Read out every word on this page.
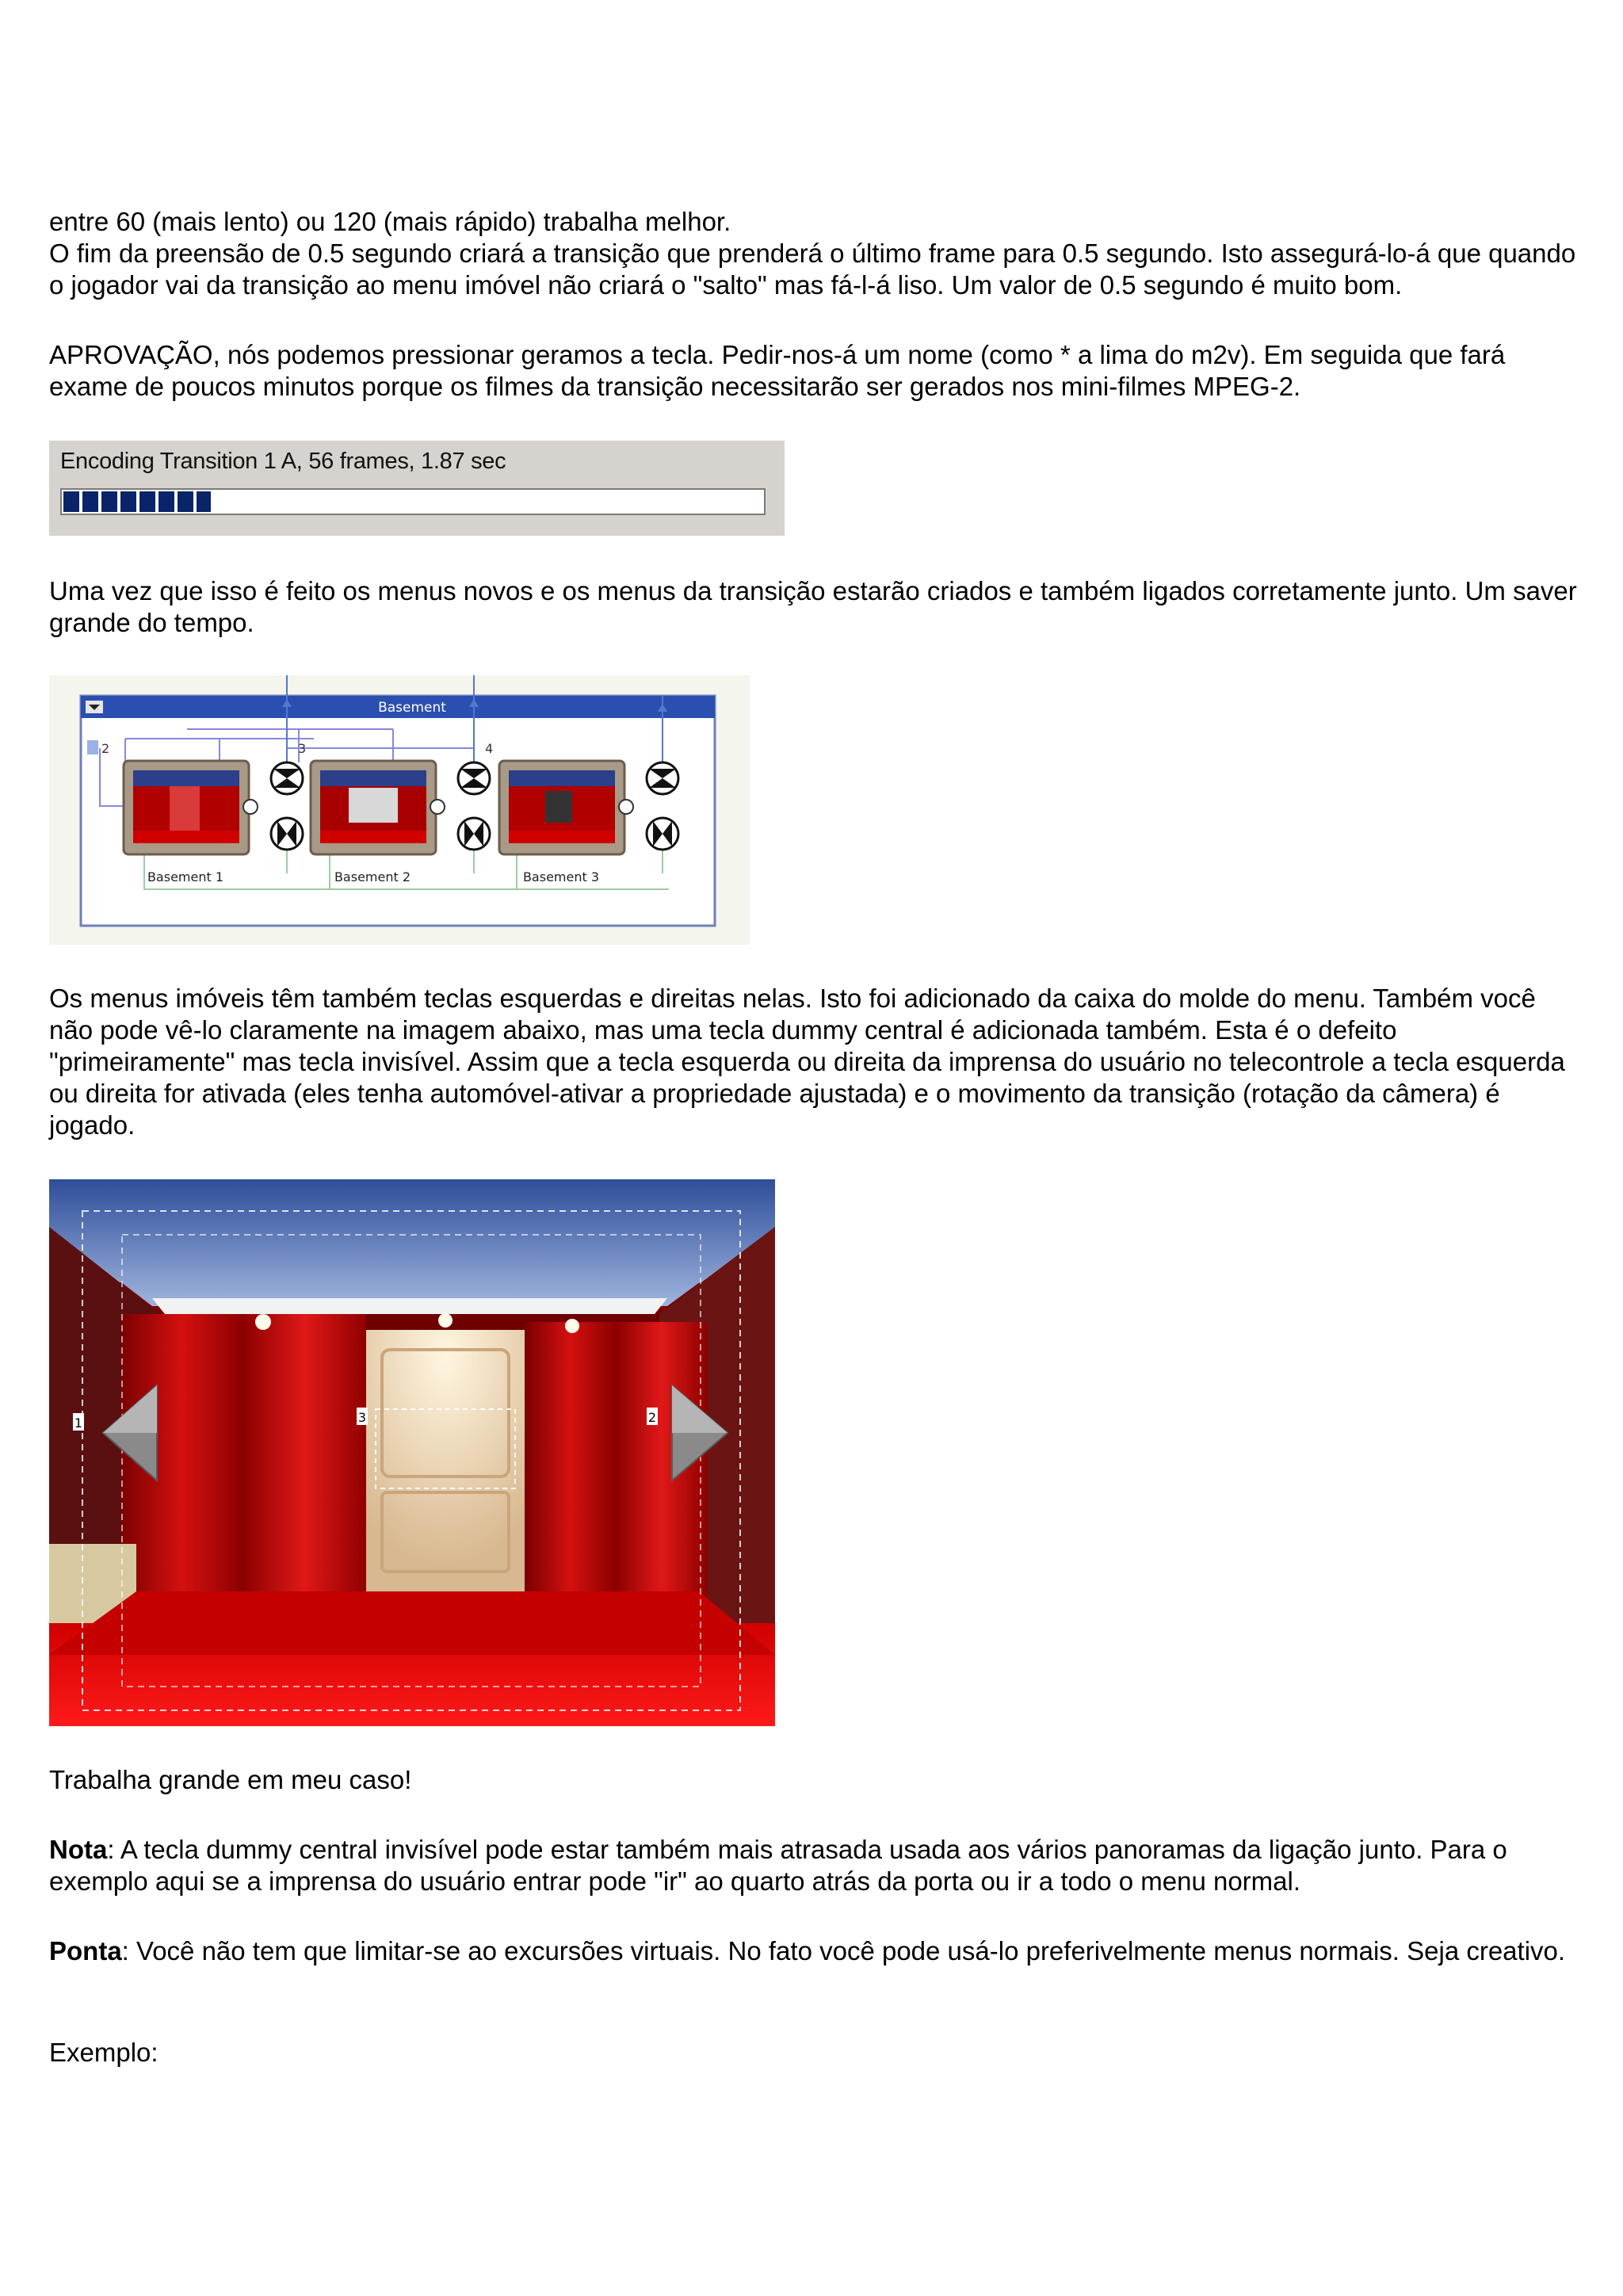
entre 60 (mais lento) ou 120 (mais rápido) trabalha melhor.
O fim da preensão de 0.5 segundo criará a transição que prenderá o último frame para 0.5 segundo. Isto assegurá-lo-á que quando o jogador vai da transição ao menu imóvel não criará o "salto" mas fá-l-á liso. Um valor de 0.5 segundo é muito bom.

APROVAÇÃO, nós podemos pressionar geramos a tecla. Pedir-nos-á um nome (como * a lima do m2v). Em seguida que fará exame de poucos minutos porque os filmes da transição necessitarão ser gerados nos mini-filmes MPEG-2.

Encoding Transition 1 A, 56 frames, 1.87 sec

Uma vez que isso é feito os menus novos e os menus da transição estarão criados e também ligados corretamente junto. Um saver grande do tempo.

Basement
2	3	4
Basement 1	Basement 2	Basement 3

Os menus imóveis têm também teclas esquerdas e direitas nelas. Isto foi adicionado da caixa do molde do menu. Também você não pode vê-lo claramente na imagem abaixo, mas uma tecla dummy central é adicionada também. Esta é o defeito "primeiramente" mas tecla invisível. Assim que a tecla esquerda ou direita da imprensa do usuário no telecontrole a tecla esquerda ou direita for ativada (eles tenha automóvel-ativar a propriedade ajustada) e o movimento da transição (rotação da câmera) é jogado.

1	3	2

Trabalha grande em meu caso!

Nota: A tecla dummy central invisível pode estar também mais atrasada usada aos vários panoramas da ligação junto. Para o exemplo aqui se a imprensa do usuário entrar pode "ir" ao quarto atrás da porta ou ir a todo o menu normal.

Ponta: Você não tem que limitar-se ao excursões virtuais. No fato você pode usá-lo preferivelmente menus normais. Seja creativo.

Exemplo:
